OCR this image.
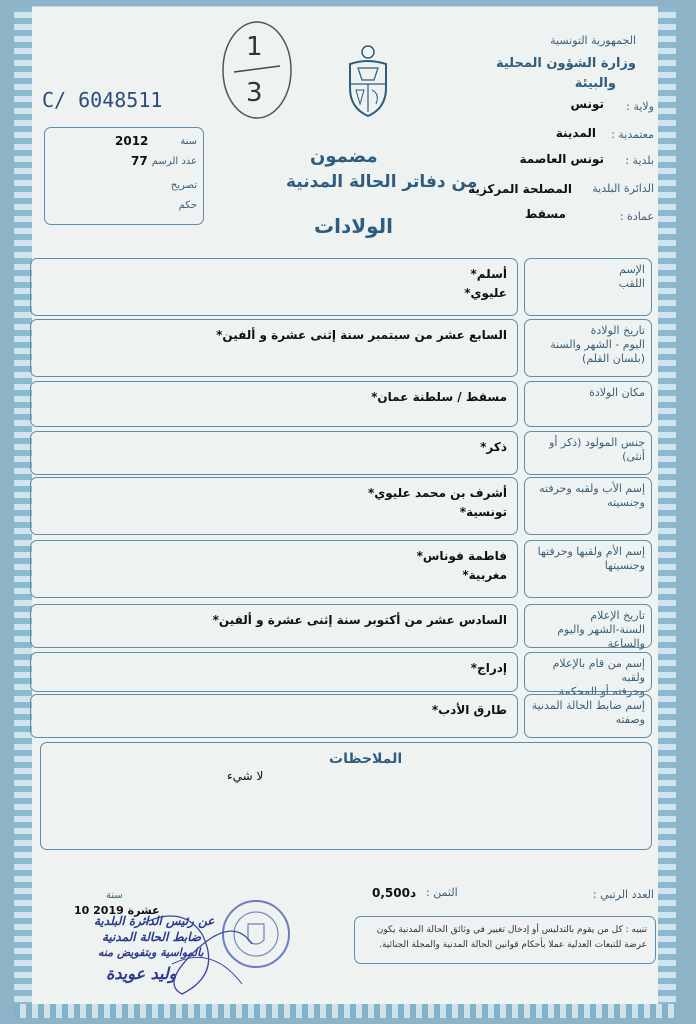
الجمهورية التونسية
وزارة الشؤون المحلية
والبيئة
ولاية :
تونس
معتمدية :
المدينة
بلدية :
تونس العاصمة
الدائرة البلدية
المصلحة المركزية
عمادة :
مسقط
1
3
C/ 6048511
سنة
2012
عدد الرسم
77
تصريح
حكم
مضمون
من دفاتر الحالة المدنية
الولادات
الإسم
اللقب
أسلم*
عليوي*
تاريخ الولادة
اليوم - الشهر والسنة
(بلسان القلم)
السابع عشر من سبتمبر سنة إثنى عشرة و ألفين*
مكان الولادة
مسقط / سلطنة عمان*
جنس المولود (ذكر أو أنثى)
ذكر*
إسم الأب ولقبه وحرفته
وجنسيته
أشرف بن محمد عليوي*
تونسية*
إسم الأم ولقبها وحرفتها
وجنسيتها
فاطمة فوناس*
مغربية*
تاريخ الإعلام
السنة-الشهر واليوم والساعة
السادس عشر من أكتوبر سنة إثنى عشرة و ألفين*
إسم من قام بالإعلام ولقبه
وحرفته أو المحكمة
إدراج*
إسم ضابط الحالة المدنية
وصفته
طارق الأدب*
الملاحظات
لا شيء
العدد الرتبي :
الثمن :
0,500د
سنة
10 عشرة 2019
عن رئيس الدائرة البلدية
ضابط الحالة المدنية
بالمواسية وبتفويض منه
وليد عويدة
تنبيه : كل من يقوم بالتدليس أو إدخال تغيير في وثائق الحالة المدنية يكون عرضة للتبعات العدلية عملا بأحكام قوانين الحالة المدنية والمجلة الجنائية.
